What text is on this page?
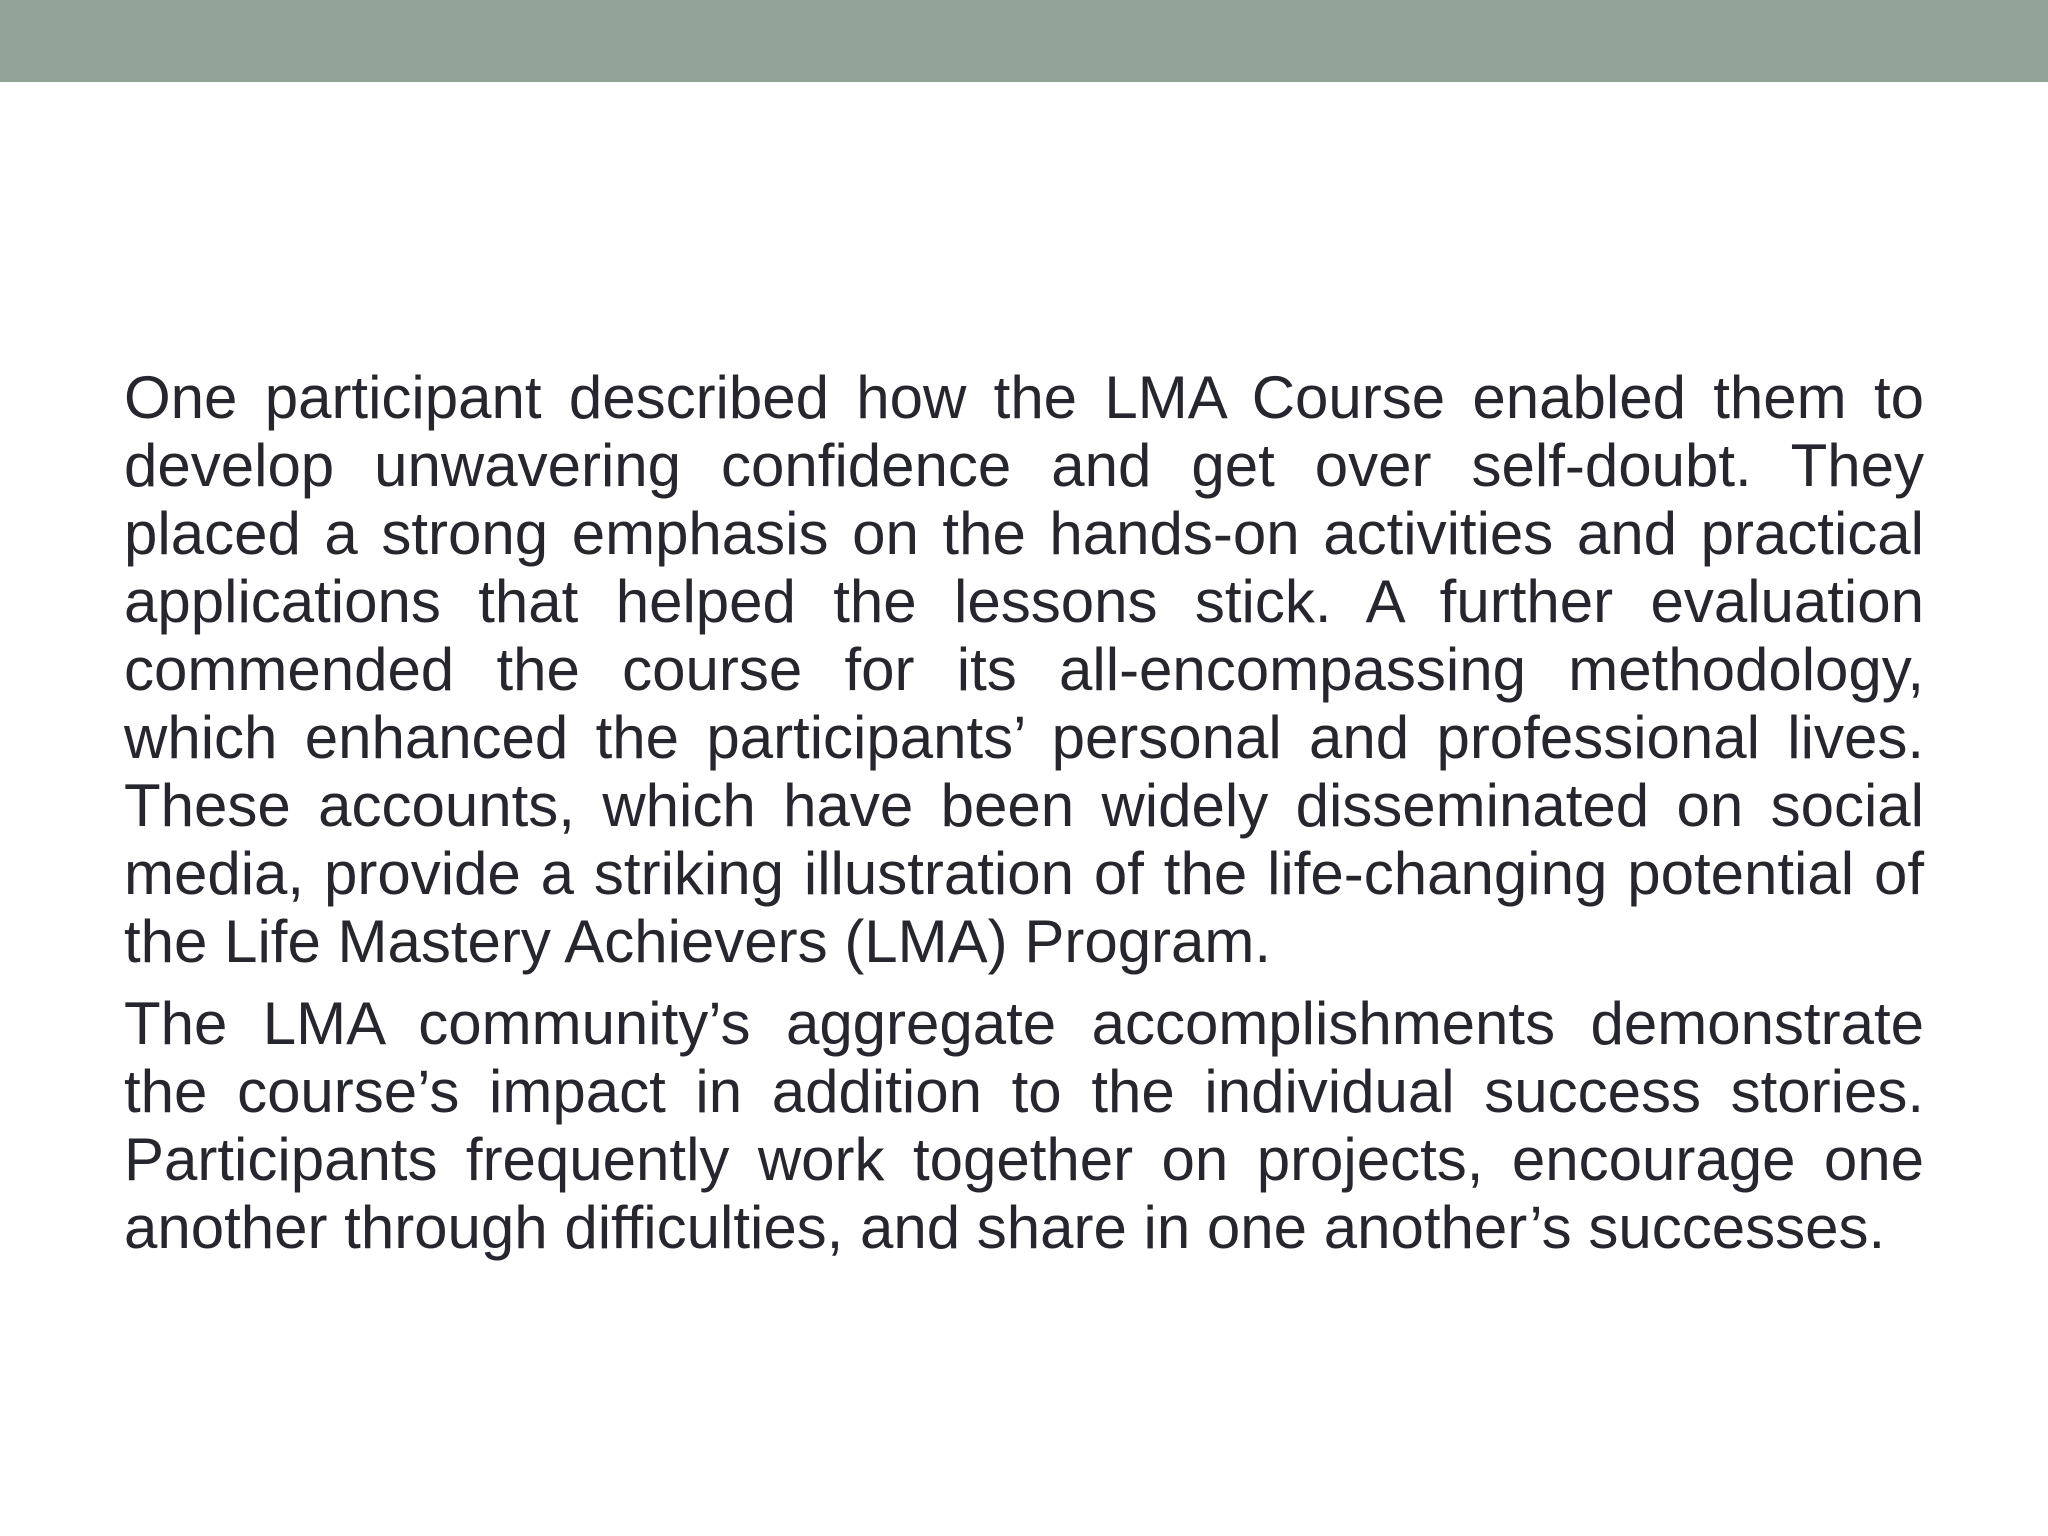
One participant described how the LMA Course enabled them to develop unwavering confidence and get over self-doubt. They placed a strong emphasis on the hands-on activities and practical applications that helped the lessons stick. A further evaluation commended the course for its all-encompassing methodology, which enhanced the participants’ personal and professional lives. These accounts, which have been widely disseminated on social media, provide a striking illustration of the life-changing potential of the Life Mastery Achievers (LMA) Program.

The LMA community’s aggregate accomplishments demonstrate the course’s impact in addition to the individual success stories. Participants frequently work together on projects, encourage one another through difficulties, and share in one another’s successes.
